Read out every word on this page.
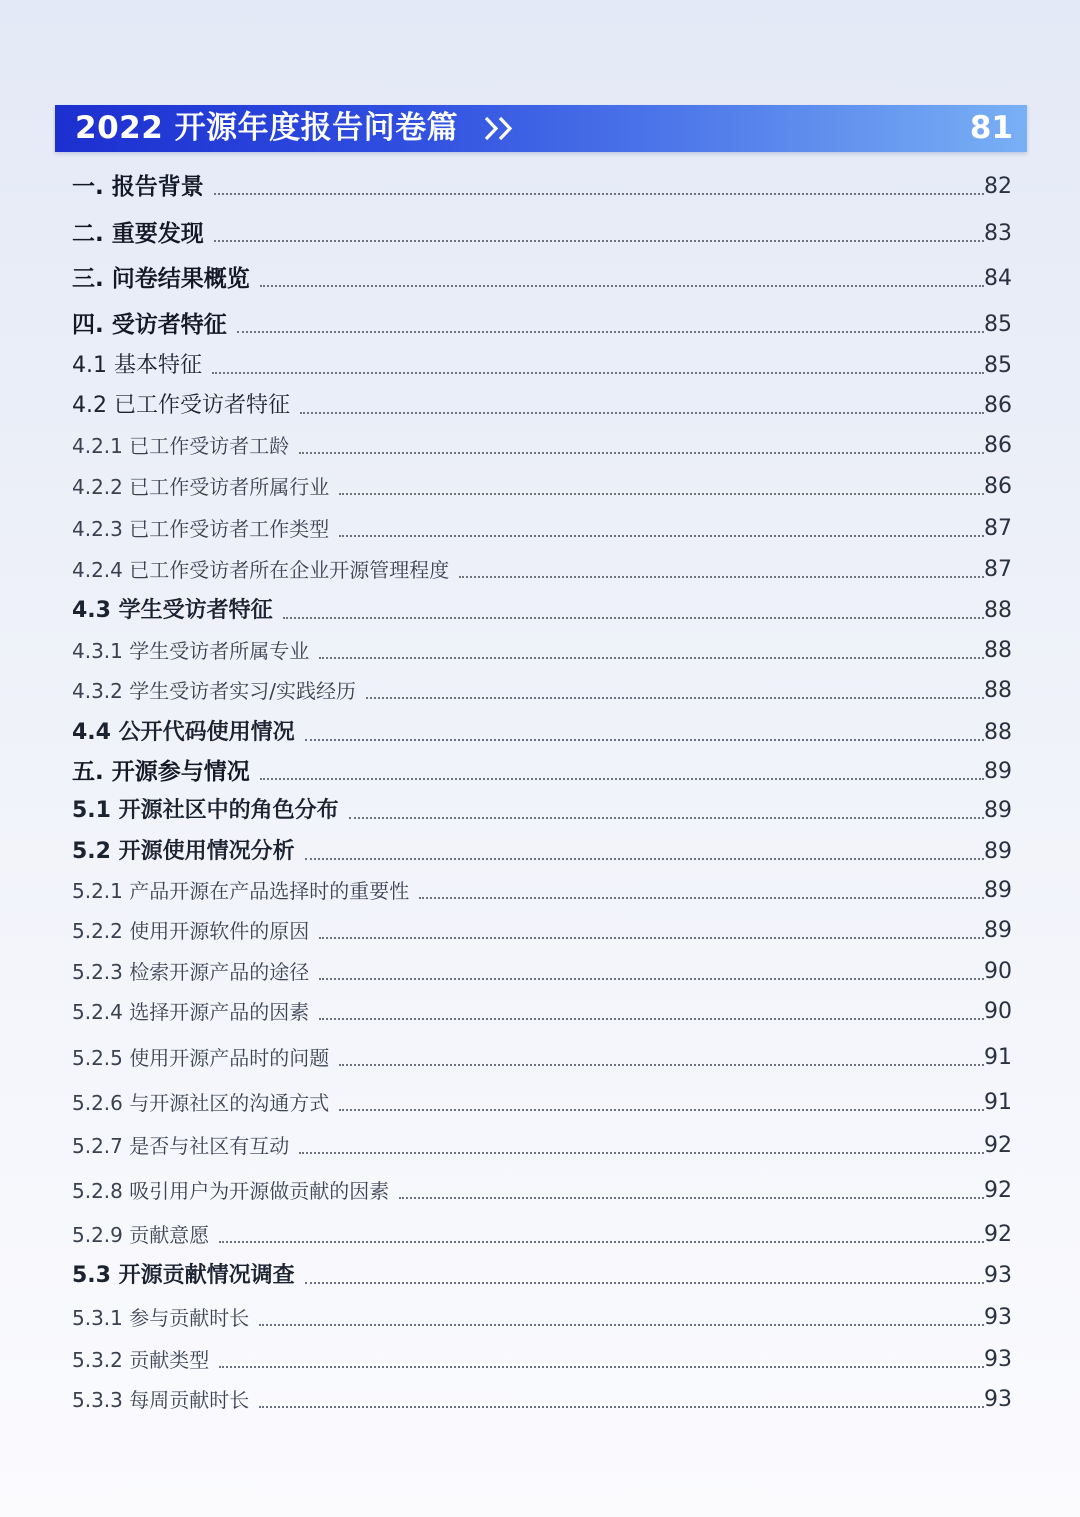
2022 开源年度报告问卷篇	81
一. 报告背景	82
二. 重要发现	83
三. 问卷结果概览	84
四. 受访者特征	85
4.1 基本特征	85
4.2 已工作受访者特征	86
4.2.1 已工作受访者工龄	86
4.2.2 已工作受访者所属行业	86
4.2.3 已工作受访者工作类型	87
4.2.4 已工作受访者所在企业开源管理程度	87
4.3 学生受访者特征	88
4.3.1 学生受访者所属专业	88
4.3.2 学生受访者实习/实践经历	88
4.4 公开代码使用情况	88
五. 开源参与情况	89
5.1 开源社区中的角色分布	89
5.2 开源使用情况分析	89
5.2.1 产品开源在产品选择时的重要性	89
5.2.2 使用开源软件的原因	89
5.2.3 检索开源产品的途径	90
5.2.4 选择开源产品的因素	90
5.2.5 使用开源产品时的问题	91
5.2.6 与开源社区的沟通方式	91
5.2.7 是否与社区有互动	92
5.2.8 吸引用户为开源做贡献的因素	92
5.2.9 贡献意愿	92
5.3 开源贡献情况调查	93
5.3.1 参与贡献时长	93
5.3.2 贡献类型	93
5.3.3 每周贡献时长	93
